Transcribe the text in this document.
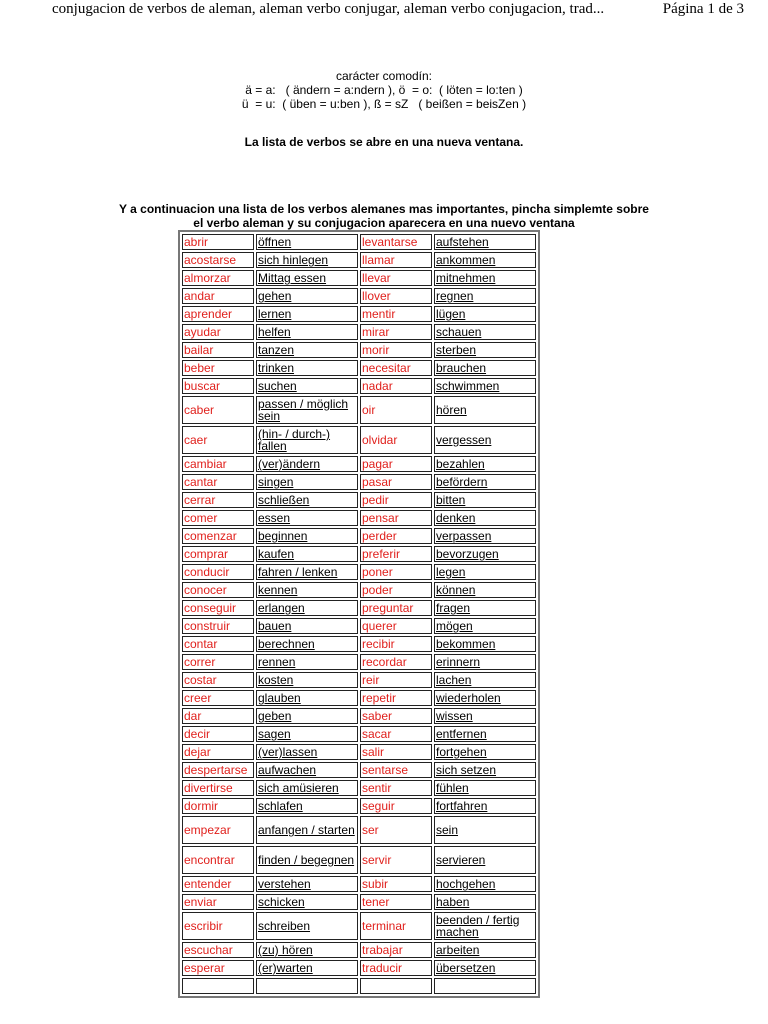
conjugacion de verbos de aleman, aleman verbo conjugar, aleman verbo conjugacion, trad...	Página 1 de 3
carácter comodín:
ä = a:   ( ändern = a:ndern ), ö  = o:  ( löten = lo:ten )
ü  = u:  ( üben = u:ben ), ß = sZ   ( beißen = beisZen )
La lista de verbos se abre en una nueva ventana.
Y a continuacion una lista de los verbos alemanes mas importantes, pincha simplemte sobre
el verbo aleman y su conjugacion aparecera en una nuevo ventana
abrir	öffnen	levantarse	aufstehen
acostarse	sich hinlegen	llamar	ankommen
almorzar	Mittag essen	llevar	mitnehmen
andar	gehen	llover	regnen
aprender	lernen	mentir	lügen
ayudar	helfen	mirar	schauen
bailar	tanzen	morir	sterben
beber	trinken	necesitar	brauchen
buscar	suchen	nadar	schwimmen
caber	passen / möglich sein	oir	hören
caer	(hin- / durch-) fallen	olvidar	vergessen
cambiar	(ver)ändern	pagar	bezahlen
cantar	singen	pasar	befördern
cerrar	schließen	pedir	bitten
comer	essen	pensar	denken
comenzar	beginnen	perder	verpassen
comprar	kaufen	preferir	bevorzugen
conducir	fahren / lenken	poner	legen
conocer	kennen	poder	können
conseguir	erlangen	preguntar	fragen
construir	bauen	querer	mögen
contar	berechnen	recibir	bekommen
correr	rennen	recordar	erinnern
costar	kosten	reir	lachen
creer	glauben	repetir	wiederholen
dar	geben	saber	wissen
decir	sagen	sacar	entfernen
dejar	(ver)lassen	salir	fortgehen
despertarse	aufwachen	sentarse	sich setzen
divertirse	sich amüsieren	sentir	fühlen
dormir	schlafen	seguir	fortfahren
empezar	anfangen / starten	ser	sein
encontrar	finden / begegnen	servir	servieren
entender	verstehen	subir	hochgehen
enviar	schicken	tener	haben
escribir	schreiben	terminar	beenden / fertig machen
escuchar	(zu) hören	trabajar	arbeiten
esperar	(er)warten	traducir	übersetzen
